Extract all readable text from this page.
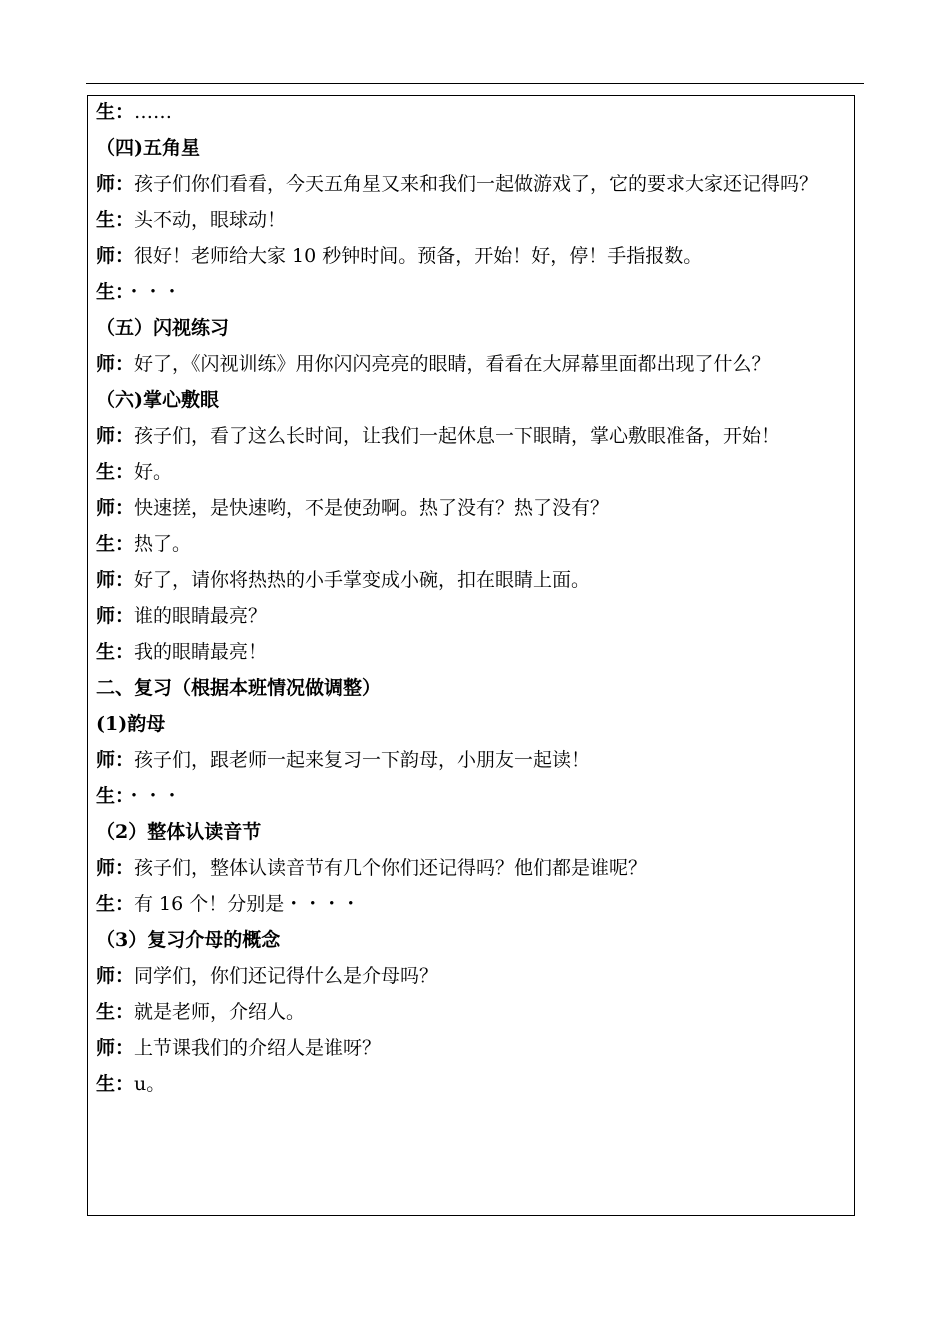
生：……
（四)五角星
师：孩子们你们看看，今天五角星又来和我们一起做游戏了，它的要求大家还记得吗？
生：头不动，眼球动！
师：很好！老师给大家 10 秒钟时间。预备，开始！好，停！手指报数。
生：・・・
（五）闪视练习
师：好了，《闪视训练》用你闪闪亮亮的眼睛，看看在大屏幕里面都出现了什么？
（六)掌心敷眼
师：孩子们，看了这么长时间，让我们一起休息一下眼睛，掌心敷眼准备，开始！
生：好。
师：快速搓，是快速哟，不是使劲啊。热了没有？热了没有？
生：热了。
师：好了，请你将热热的小手掌变成小碗，扣在眼睛上面。
师：谁的眼睛最亮？
生：我的眼睛最亮！
二、复习（根据本班情况做调整）
(1)韵母
师：孩子们，跟老师一起来复习一下韵母，小朋友一起读！
生：・・・
（2）整体认读音节
师：孩子们，整体认读音节有几个你们还记得吗？他们都是谁呢？
生：有 16 个！分别是・・・・
（3）复习介母的概念
师：同学们，你们还记得什么是介母吗？
生：就是老师，介绍人。
师：上节课我们的介绍人是谁呀？
生：u。
